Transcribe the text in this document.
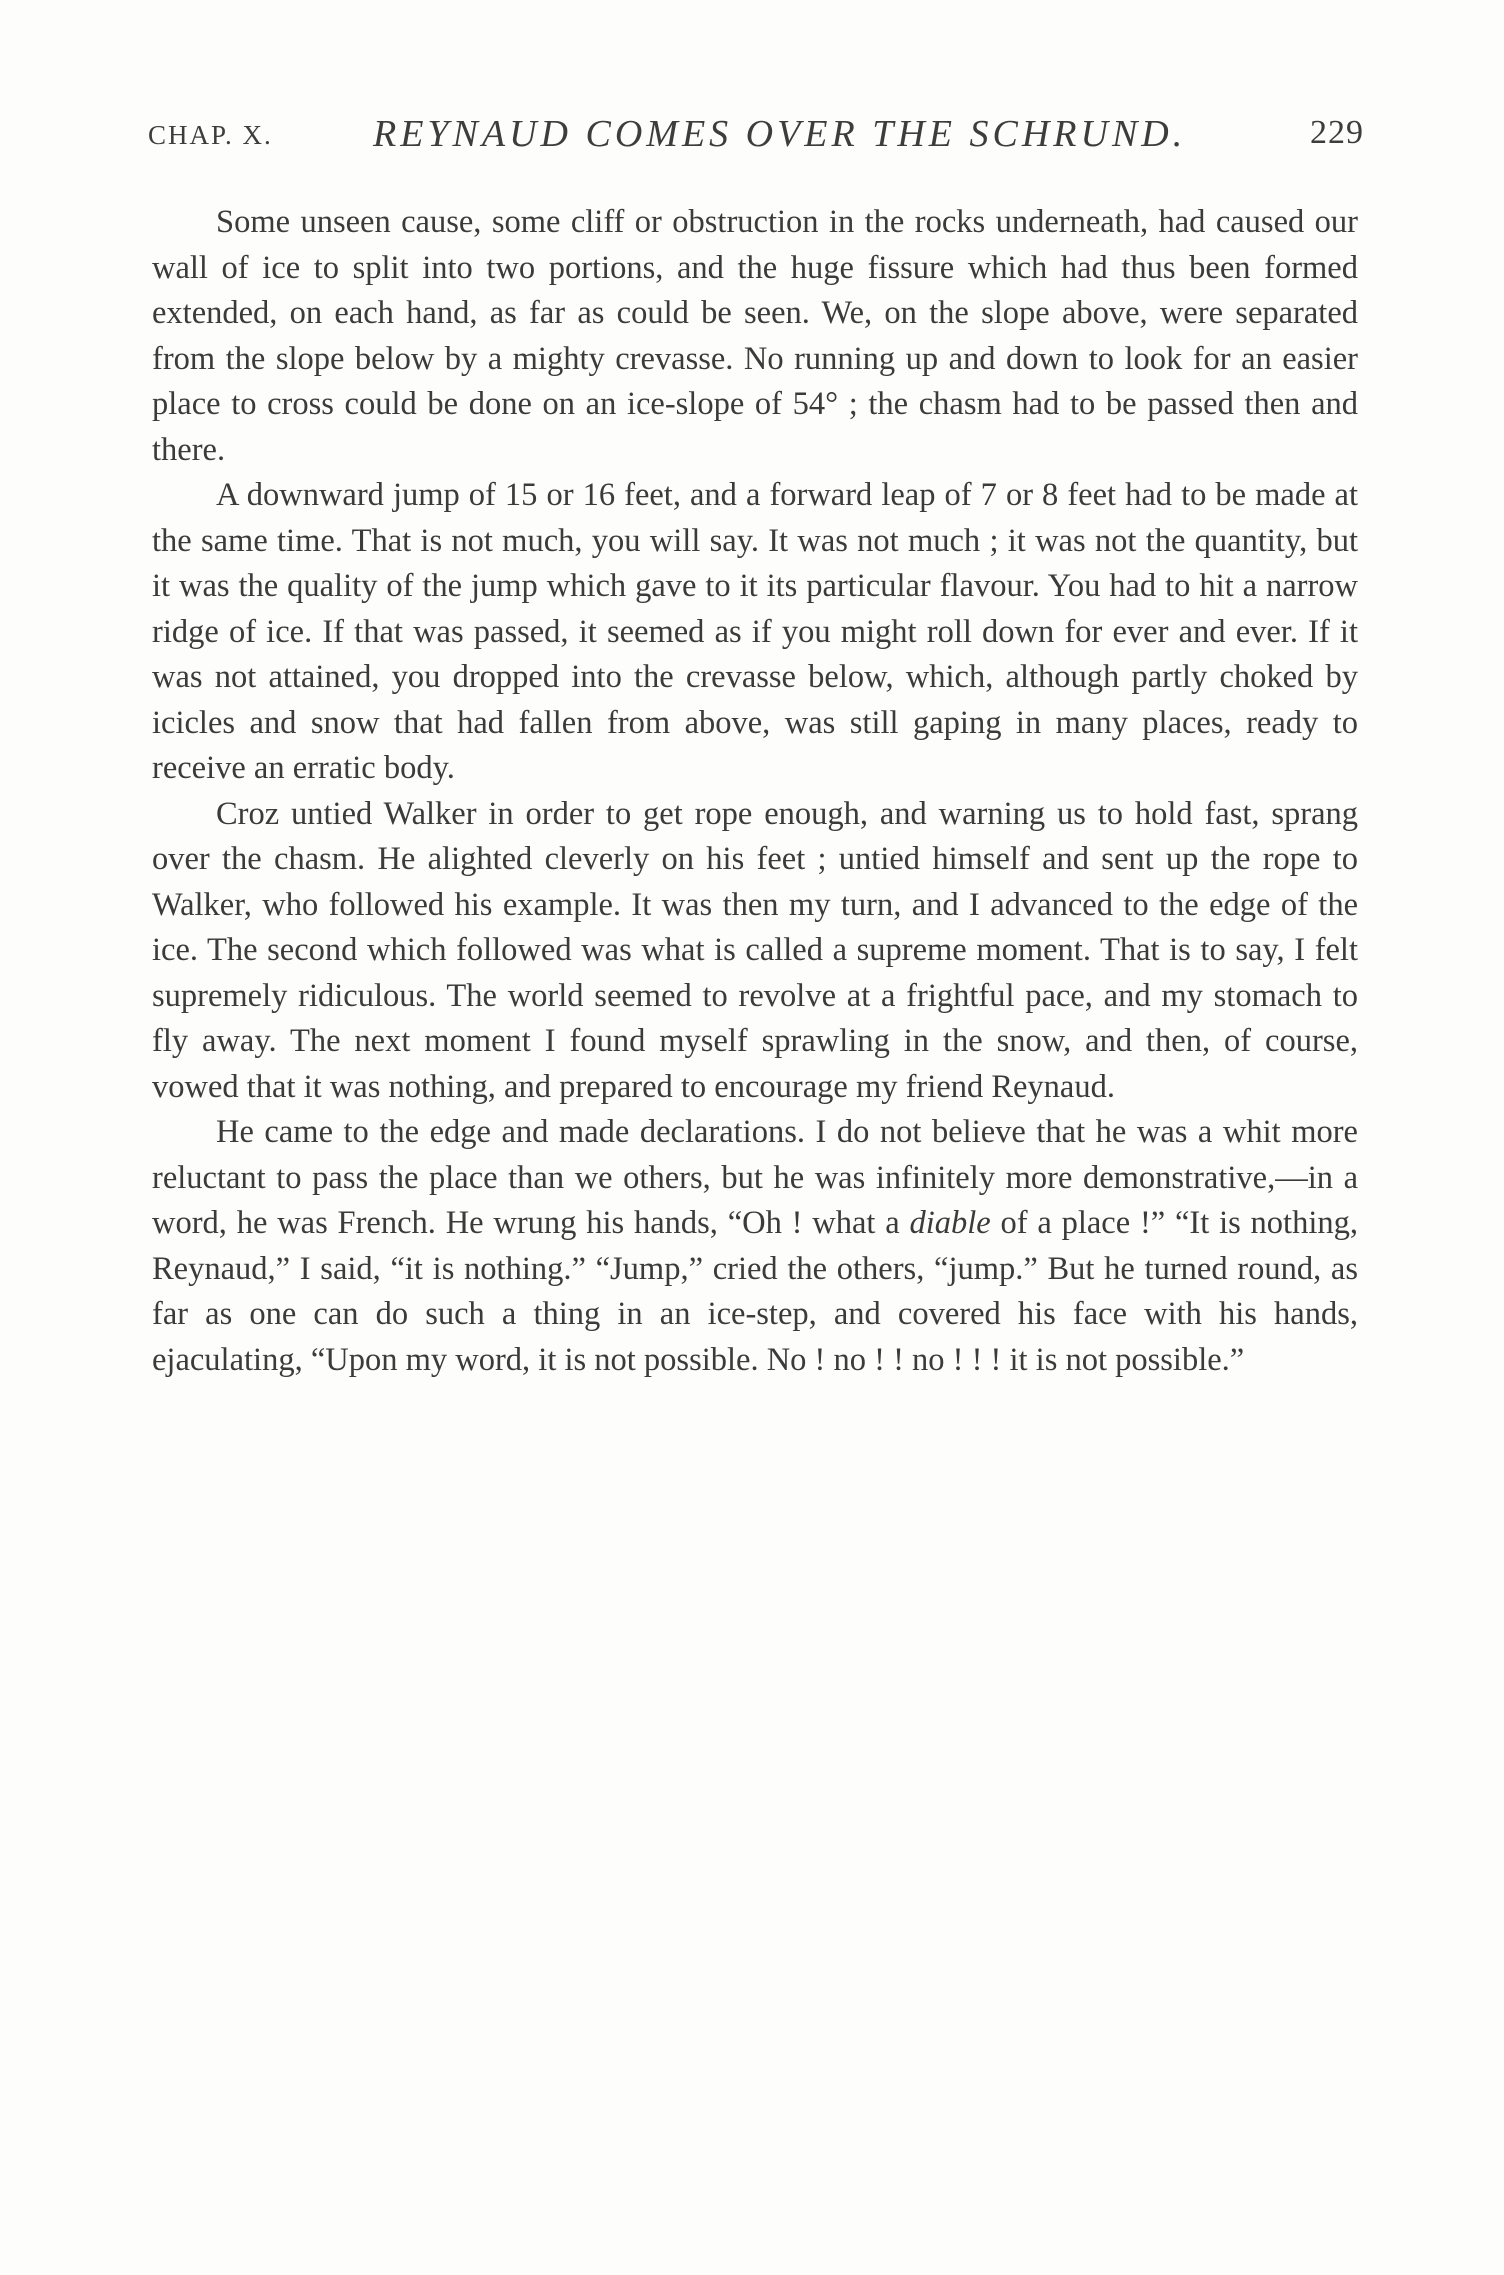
CHAP. X.	REYNAUD COMES OVER THE SCHRUND.	229

Some unseen cause, some cliff or obstruction in the rocks underneath, had caused our wall of ice to split into two portions, and the huge fissure which had thus been formed extended, on each hand, as far as could be seen. We, on the slope above, were separated from the slope below by a mighty crevasse. No running up and down to look for an easier place to cross could be done on an ice-slope of 54° ; the chasm had to be passed then and there.

A downward jump of 15 or 16 feet, and a forward leap of 7 or 8 feet had to be made at the same time. That is not much, you will say. It was not much ; it was not the quantity, but it was the quality of the jump which gave to it its particular flavour. You had to hit a narrow ridge of ice. If that was passed, it seemed as if you might roll down for ever and ever. If it was not attained, you dropped into the crevasse below, which, although partly choked by icicles and snow that had fallen from above, was still gaping in many places, ready to receive an erratic body.

Croz untied Walker in order to get rope enough, and warning us to hold fast, sprang over the chasm. He alighted cleverly on his feet ; untied himself and sent up the rope to Walker, who followed his example. It was then my turn, and I advanced to the edge of the ice. The second which followed was what is called a supreme moment. That is to say, I felt supremely ridiculous. The world seemed to revolve at a frightful pace, and my stomach to fly away. The next moment I found myself sprawling in the snow, and then, of course, vowed that it was nothing, and prepared to encourage my friend Reynaud.

He came to the edge and made declarations. I do not believe that he was a whit more reluctant to pass the place than we others, but he was infinitely more demonstrative,—in a word, he was French. He wrung his hands, “Oh ! what a diable of a place !” “It is nothing, Reynaud,” I said, “it is nothing.” “Jump,” cried the others, “jump.” But he turned round, as far as one can do such a thing in an ice-step, and covered his face with his hands, ejaculating, “Upon my word, it is not possible. No ! no ! ! no ! ! ! it is not possible.”
